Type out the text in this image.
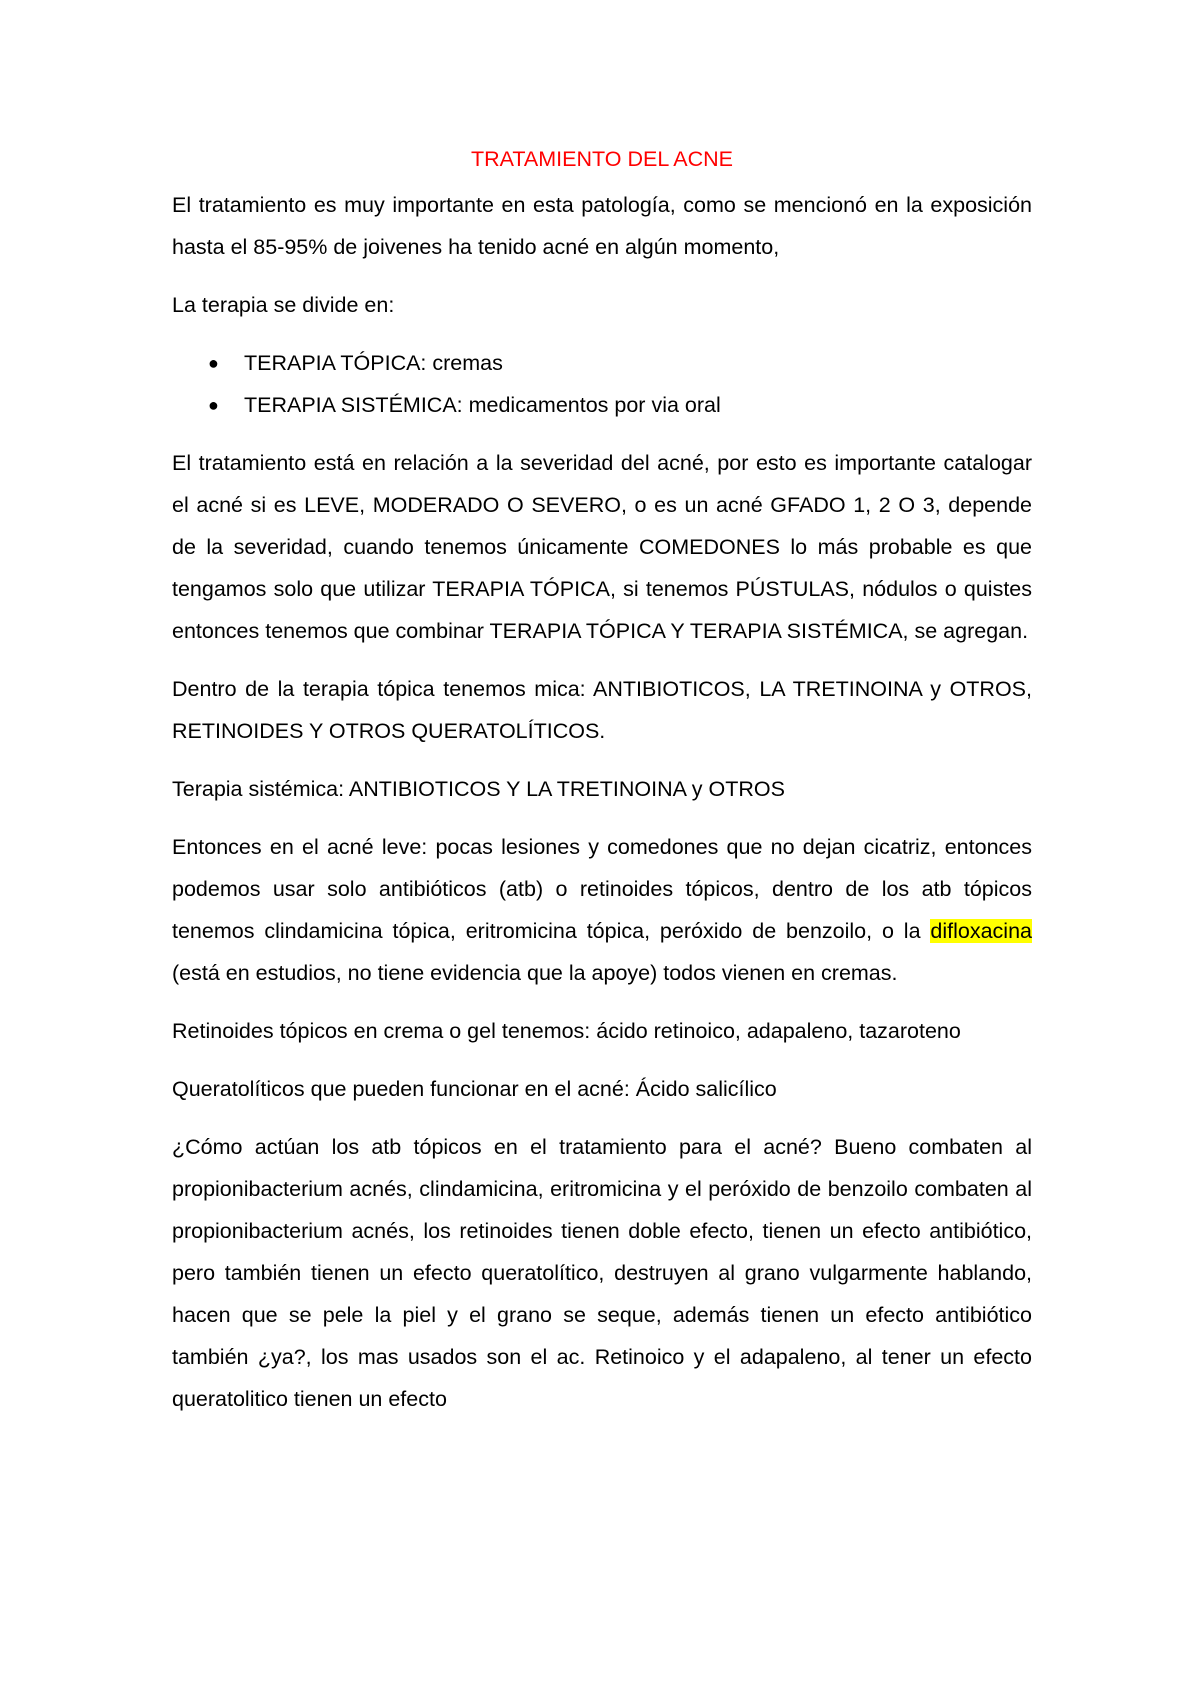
TRATAMIENTO DEL ACNE

El tratamiento es muy importante en esta patología, como se mencionó en la exposición hasta el 85-95% de joivenes ha tenido acné en algún momento,

La terapia se divide en:

● TERAPIA TÓPICA: cremas
● TERAPIA SISTÉMICA: medicamentos por via oral

El tratamiento está en relación a la severidad del acné, por esto es importante catalogar el acné si es LEVE, MODERADO O SEVERO, o es un acné GFADO 1, 2 O 3, depende de la severidad, cuando tenemos únicamente COMEDONES lo más probable es que tengamos solo que utilizar TERAPIA TÓPICA, si tenemos PÚSTULAS, nódulos o quistes entonces tenemos que combinar TERAPIA TÓPICA Y TERAPIA SISTÉMICA, se agregan.

Dentro de la terapia tópica tenemos mica: ANTIBIOTICOS, LA TRETINOINA y OTROS, RETINOIDES Y OTROS QUERATOLÍTICOS.

Terapia sistémica: ANTIBIOTICOS Y LA TRETINOINA y OTROS

Entonces en el acné leve: pocas lesiones y comedones que no dejan cicatriz, entonces podemos usar solo antibióticos (atb) o retinoides tópicos, dentro de los atb tópicos tenemos clindamicina tópica, eritromicina tópica, peróxido de benzoilo, o la difloxacina (está en estudios, no tiene evidencia que la apoye) todos vienen en cremas.

Retinoides tópicos en crema o gel tenemos: ácido retinoico, adapaleno, tazaroteno

Queratolíticos que pueden funcionar en el acné: Ácido salicílico

¿Cómo actúan los atb tópicos en el tratamiento para el acné? Bueno combaten al propionibacterium acnés, clindamicina, eritromicina y el peróxido de benzoilo combaten al propionibacterium acnés, los retinoides tienen doble efecto, tienen un efecto antibiótico, pero también tienen un efecto queratolítico, destruyen al grano vulgarmente hablando, hacen que se pele la piel y el grano se seque, además tienen un efecto antibiótico también ¿ya?, los mas usados son el ac. Retinoico y el adapaleno, al tener un efecto queratolitico tienen un efecto
